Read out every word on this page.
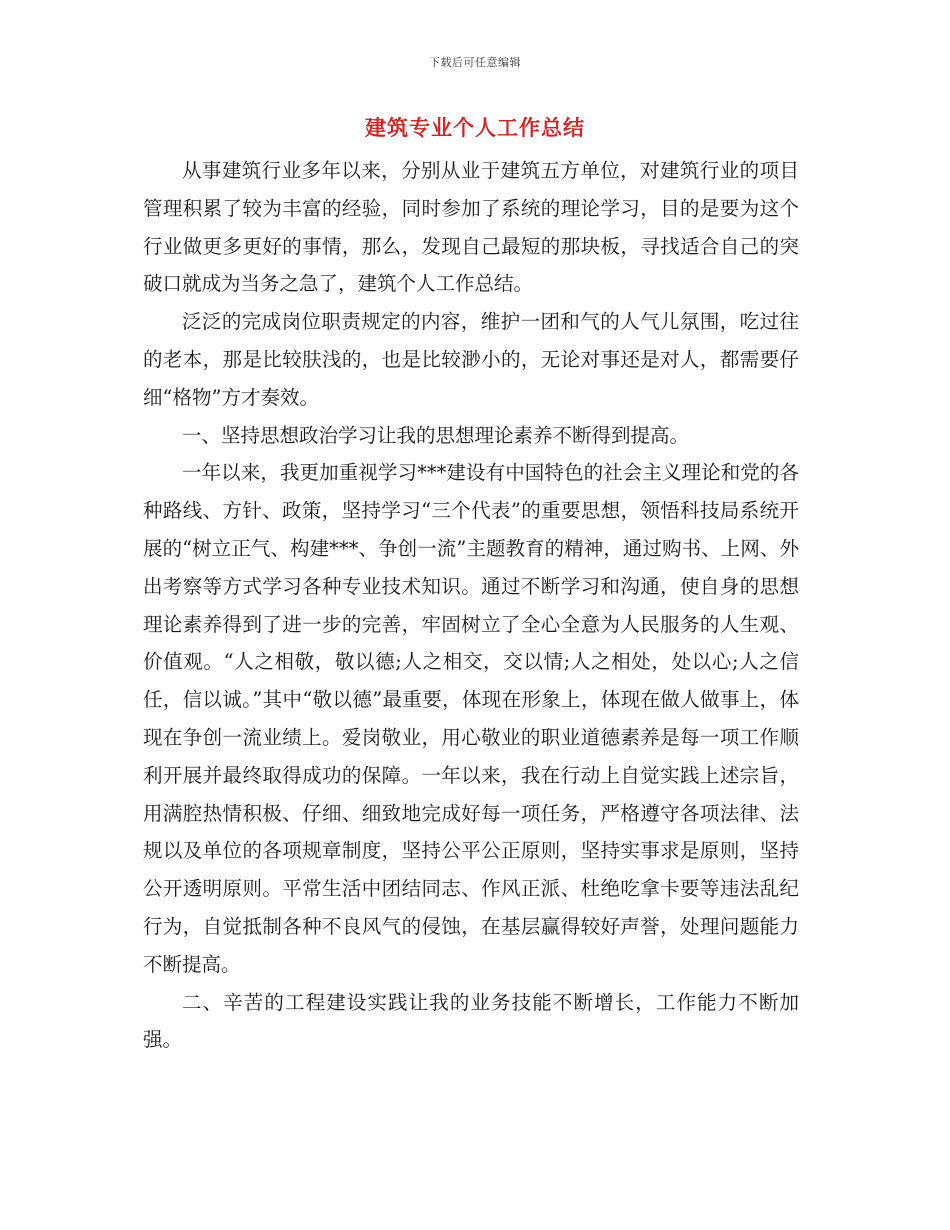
下载后可任意编辑
建筑专业个人工作总结

从事建筑行业多年以来，分别从业于建筑五方单位，对建筑行业的项目管理积累了较为丰富的经验，同时参加了系统的理论学习，目的是要为这个行业做更多更好的事情，那么，发现自己最短的那块板，寻找适合自己的突破口就成为当务之急了，建筑个人工作总结。

泛泛的完成岗位职责规定的内容，维护一团和气的人气儿氛围，吃过往的老本，那是比较肤浅的，也是比较渺小的，无论对事还是对人，都需要仔细“格物”方才奏效。

一、坚持思想政治学习让我的思想理论素养不断得到提高。

一年以来，我更加重视学习***建设有中国特色的社会主义理论和党的各种路线、方针、政策，坚持学习“三个代表”的重要思想，领悟科技局系统开展的“树立正气、构建***、争创一流”主题教育的精神，通过购书、上网、外出考察等方式学习各种专业技术知识。通过不断学习和沟通，使自身的思想理论素养得到了进一步的完善，牢固树立了全心全意为人民服务的人生观、价值观。“人之相敬，敬以德;人之相交，交以情;人之相处，处以心;人之信任，信以诚。”其中“敬以德”最重要，体现在形象上，体现在做人做事上，体现在争创一流业绩上。爱岗敬业，用心敬业的职业道德素养是每一项工作顺利开展并最终取得成功的保障。一年以来，我在行动上自觉实践上述宗旨，用满腔热情积极、仔细、细致地完成好每一项任务，严格遵守各项法律、法规以及单位的各项规章制度，坚持公平公正原则，坚持实事求是原则，坚持公开透明原则。平常生活中团结同志、作风正派、杜绝吃拿卡要等违法乱纪行为，自觉抵制各种不良风气的侵蚀，在基层赢得较好声誉，处理问题能力不断提高。

二、辛苦的工程建设实践让我的业务技能不断增长，工作能力不断加强。
